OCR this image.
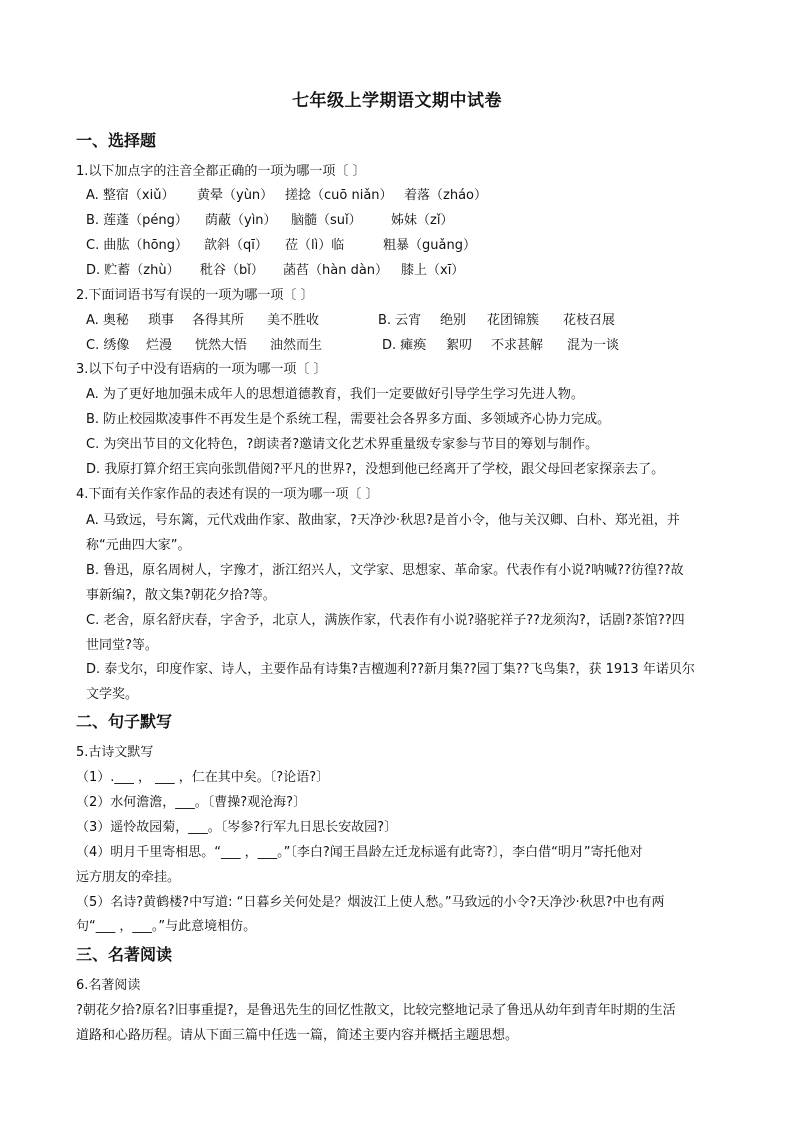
七年级上学期语文期中试卷
一、选择题
1.以下加点字的注音全都正确的一项为哪一项〔 〕
A. 整宿（xiǔ） 黄晕（yùn） 搓捻（cuō niǎn） 着落（zháo）
B. 莲蓬（péng） 荫蔽（yìn） 脑髓（suǐ） 姊妹（zǐ）
C. 曲肱（hōng） 歆斜（qī） 莅（lì）临	粗暴（guǎng）
D. 贮蓄（zhù） 秕谷（bǐ） 菡萏（hàn dàn） 膝上（xī）
2.下面词语书写有误的一项为哪一项〔 〕
A. 奥秘 琐事 各得其所 美不胜收	B. 云宵 绝别 花团锦簇 花枝召展
C. 绣像 烂漫 恍然大悟 油然而生	D. 瘫痪 絮叨 不求甚解 混为一谈
3.以下句子中没有语病的一项为哪一项〔 〕
A. 为了更好地加强未成年人的思想道德教育，我们一定要做好引导学生学习先进人物。
B. 防止校园欺凌事件不再发生是个系统工程，需要社会各界多方面、多领域齐心协力完成。
C. 为突出节目的文化特色，?朗读者?邀请文化艺术界重量级专家参与节目的筹划与制作。
D. 我原打算介绍王宾向张凯借阅?平凡的世界?，没想到他已经离开了学校，跟父母回老家探亲去了。
4.下面有关作家作品的表述有误的一项为哪一项〔 〕
A. 马致远，号东篱，元代戏曲作家、散曲家，?天净沙·秋思?是首小令，他与关汉卿、白朴、郑光祖，并
称“元曲四大家”。
B. 鲁迅，原名周树人，字豫才，浙江绍兴人，文学家、思想家、革命家。代表作有小说?呐喊??彷徨??故
事新编?，散文集?朝花夕拾?等。
C. 老舍，原名舒庆春，字舍予，北京人，满族作家，代表作有小说?骆驼祥子??龙须沟?，话剧?茶馆??四
世同堂?等。
D. 泰戈尔，印度作家、诗人，主要作品有诗集?吉檀迦利??新月集??园丁集??飞鸟集?，获 1913 年诺贝尔
文学奖。
二、句子默写
5.古诗文默写
（1）.___ ， ___ ，仁在其中矣。〔?论语?〕
（2）水何澹澹，___。〔曹操?观沧海?〕
（3）遥怜故园菊，___。〔岑参?行军九日思长安故园?〕
（4）明月千里寄相思。“___ ，___。”〔李白?闻王昌龄左迁龙标遥有此寄?〕，李白借“明月”寄托他对
远方朋友的牵挂。
（5）名诗?黄鹤楼?中写道: “日暮乡关何处是？烟波江上使人愁。”马致远的小令?天净沙·秋思?中也有两
句“___ ，___。”与此意境相仿。
三、名著阅读
6.名著阅读
?朝花夕拾?原名?旧事重提?，是鲁迅先生的回忆性散文，比较完整地记录了鲁迅从幼年到青年时期的生活
道路和心路历程。请从下面三篇中任选一篇，简述主要内容并概括主题思想。
